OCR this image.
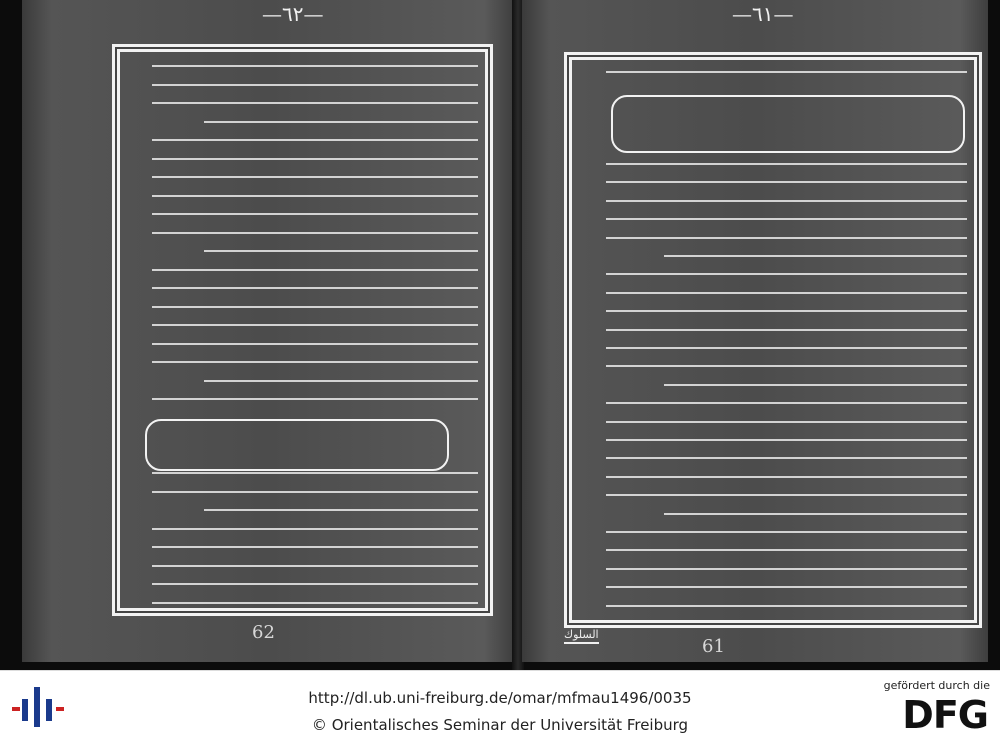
—٦٢—
62
—٦١—
السلوك
61
http://dl.ub.uni-freiburg.de/omar/mfmau1496/0035
© Orientalisches Seminar der Universität Freiburg
gefördert durch die
DFG
